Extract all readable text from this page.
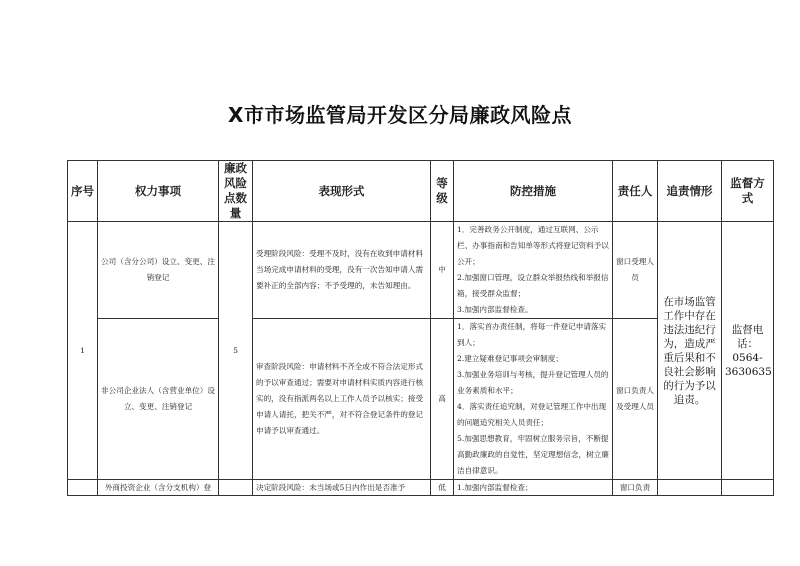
X市市场监管局开发区分局廉政风险点
序号	权力事项	廉政风险点数量	表现形式	等级	防控措施	责任人	追责情形	监督方式
1	公司（含分公司）设立、变更、注销登记	5	受理阶段风险：受理不及时，没有在收到申请材料当场完成申请材料的受理，没有一次告知申请人需要补正的全部内容；不予受理的，未告知理由。	中	1．完善政务公开制度，通过互联网、公示栏、办事指南和告知单等形式将登记资料予以公开；
2.加强窗口管理，设立群众举报热线和举报信箱，接受群众监督；
3.加强内部监督检查。	窗口受理人员	在市场监管工作中存在违法违纪行为，造成严重后果和不良社会影响的行为予以追责。	监督电话：0564-3630635
	非公司企业法人（含营业单位）设立、变更、注销登记		审查阶段风险：申请材料不齐全或不符合法定形式的予以审查通过；需要对申请材料实质内容进行核实的，没有指派两名以上工作人员予以核实；接受申请人请托，把关不严，对不符合登记条件的登记申请予以审查通过。	高	1．落实首办责任制，将每一件登记申请落实到人；
2.建立疑难登记事项会审制度；
3.加强业务培训与考核，提升登记管理人员的业务素质和水平；
4．落实责任追究制，对登记管理工作中出现的问题追究相关人员责任；
5.加强思想教育，牢固树立服务宗旨，不断提高勤政廉政的自觉性，坚定理想信念，树立廉洁自律意识。	窗口负责人及受理人员		
	外商投资企业（含分支机构）登		决定阶段风险：未当场或5日内作出是否准予	低	1.加强内部监督检查；	窗口负责		
